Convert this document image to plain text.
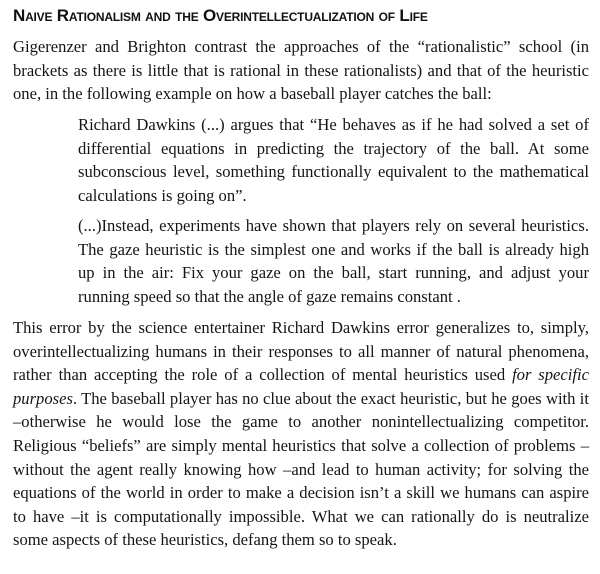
Naive Rationalism and the Overintellectualization of Life

Gigerenzer and Brighton contrast the approaches of the “rationalistic” school (in brackets as there is little that is rational in these rationalists) and that of the heuristic one, in the following example on how a baseball player catches the ball:

Richard Dawkins (...) argues that “He behaves as if he had solved a set of differential equations in predicting the trajectory of the ball. At some subconscious level, something functionally equivalent to the mathematical calculations is going on”.

(...)Instead, experiments have shown that players rely on several heuristics. The gaze heuristic is the simplest one and works if the ball is already high up in the air: Fix your gaze on the ball, start running, and adjust your running speed so that the angle of gaze remains constant .

This error by the science entertainer Richard Dawkins error generalizes to, simply, overintellectualizing humans in their responses to all manner of natural phenomena, rather than accepting the role of a collection of mental heuristics used for specific purposes. The baseball player has no clue about the exact heuristic, but he goes with it –otherwise he would lose the game to another nonintellectualizing competitor. Religious “beliefs” are simply mental heuristics that solve a collection of problems –without the agent really knowing how –and lead to human activity; for solving the equations of the world in order to make a decision isn’t a skill we humans can aspire to have –it is computationally impossible. What we can rationally do is neutralize some aspects of these heuristics, defang them so to speak.
